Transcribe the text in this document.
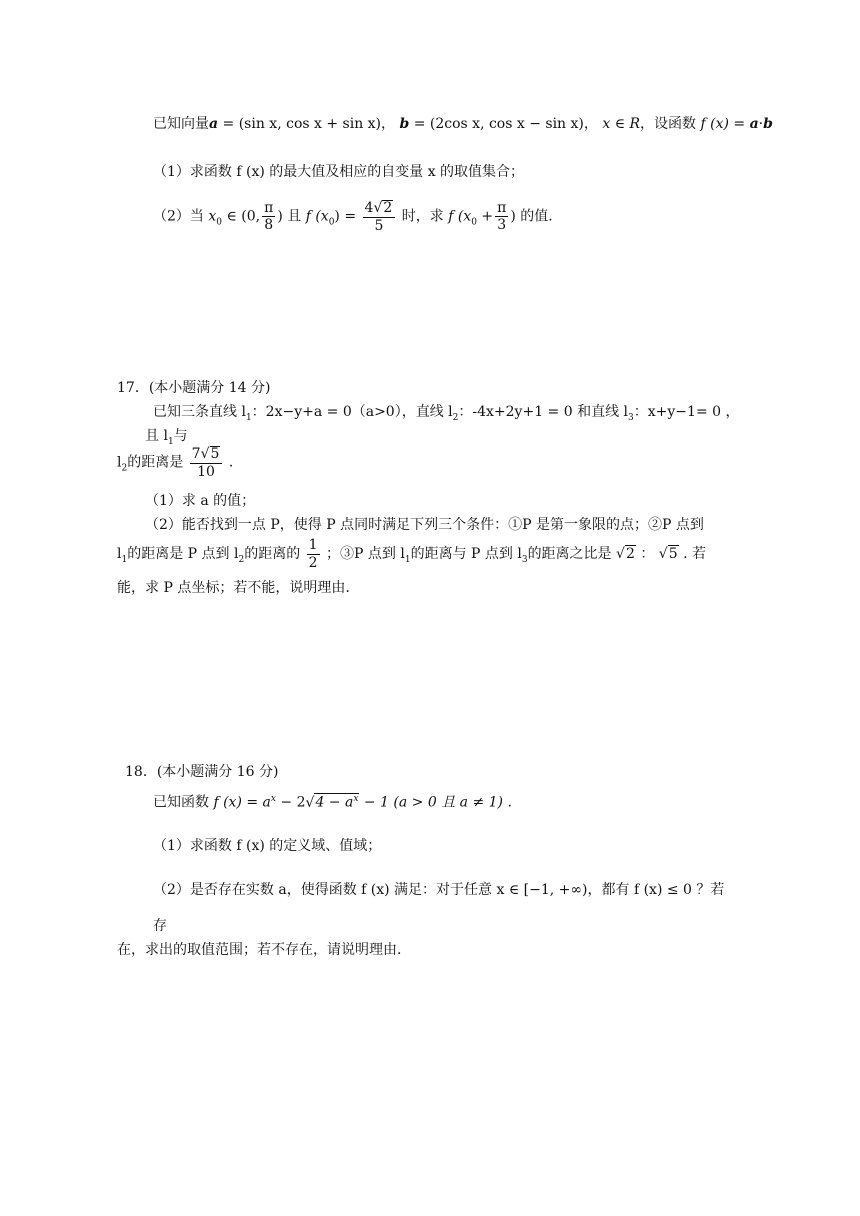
已知向量a = (sin x, cos x + sin x)， b = (2cos x, cos x − sin x)， x ∈ R，设函数 f (x) = a·b
（1）求函数 f (x) 的最大值及相应的自变量 x 的取值集合；
（2）当 $x_0$ ∈ (0, $\frac{\pi}{8}$ ) 且 f $(x_0) = \frac{4√ 2}{5}$ 时，求 f ($x_0 + \frac{\pi}{3}$ ) 的值.
17．(本小题满分 14 分)
已知三条直线 $l_1$：2x−y+a = 0（a>0），直线 $l_2$：-4x+2y+1 = 0 和直线 $l_3$：x+y−1= 0 ，
且 $l_1$与
$l_2$的距离是 $\frac{7√ 5}{10}$ .
（1）求 a 的值；
（2）能否找到一点 P，使得 P 点同时满足下列三个条件：①P 是第一象限的点；②P 点到
$l_1$的距离是 P 点到 $l_2$的距离的 $\frac{1}{2}$ ；③P 点到 $l_1$的距离与 P 点到 $l_3$的距离之比是 √ 2 ： √ 5 . 若
能，求 P 点坐标；若不能，说明理由.
18．(本小题满分 16 分)
已知函数 f $(x) = a^x - 2√$ $4 - a^x - 1$ (a > 0 且 a ≠ 1) .
（1）求函数 f (x) 的定义域、值域；
（2）是否存在实数 a，使得函数 f (x) 满足：对于任意 x ∈ [−1, +∞)，都有 f (x) ≤ 0 ？若
存
在，求出的取值范围；若不存在，请说明理由.
